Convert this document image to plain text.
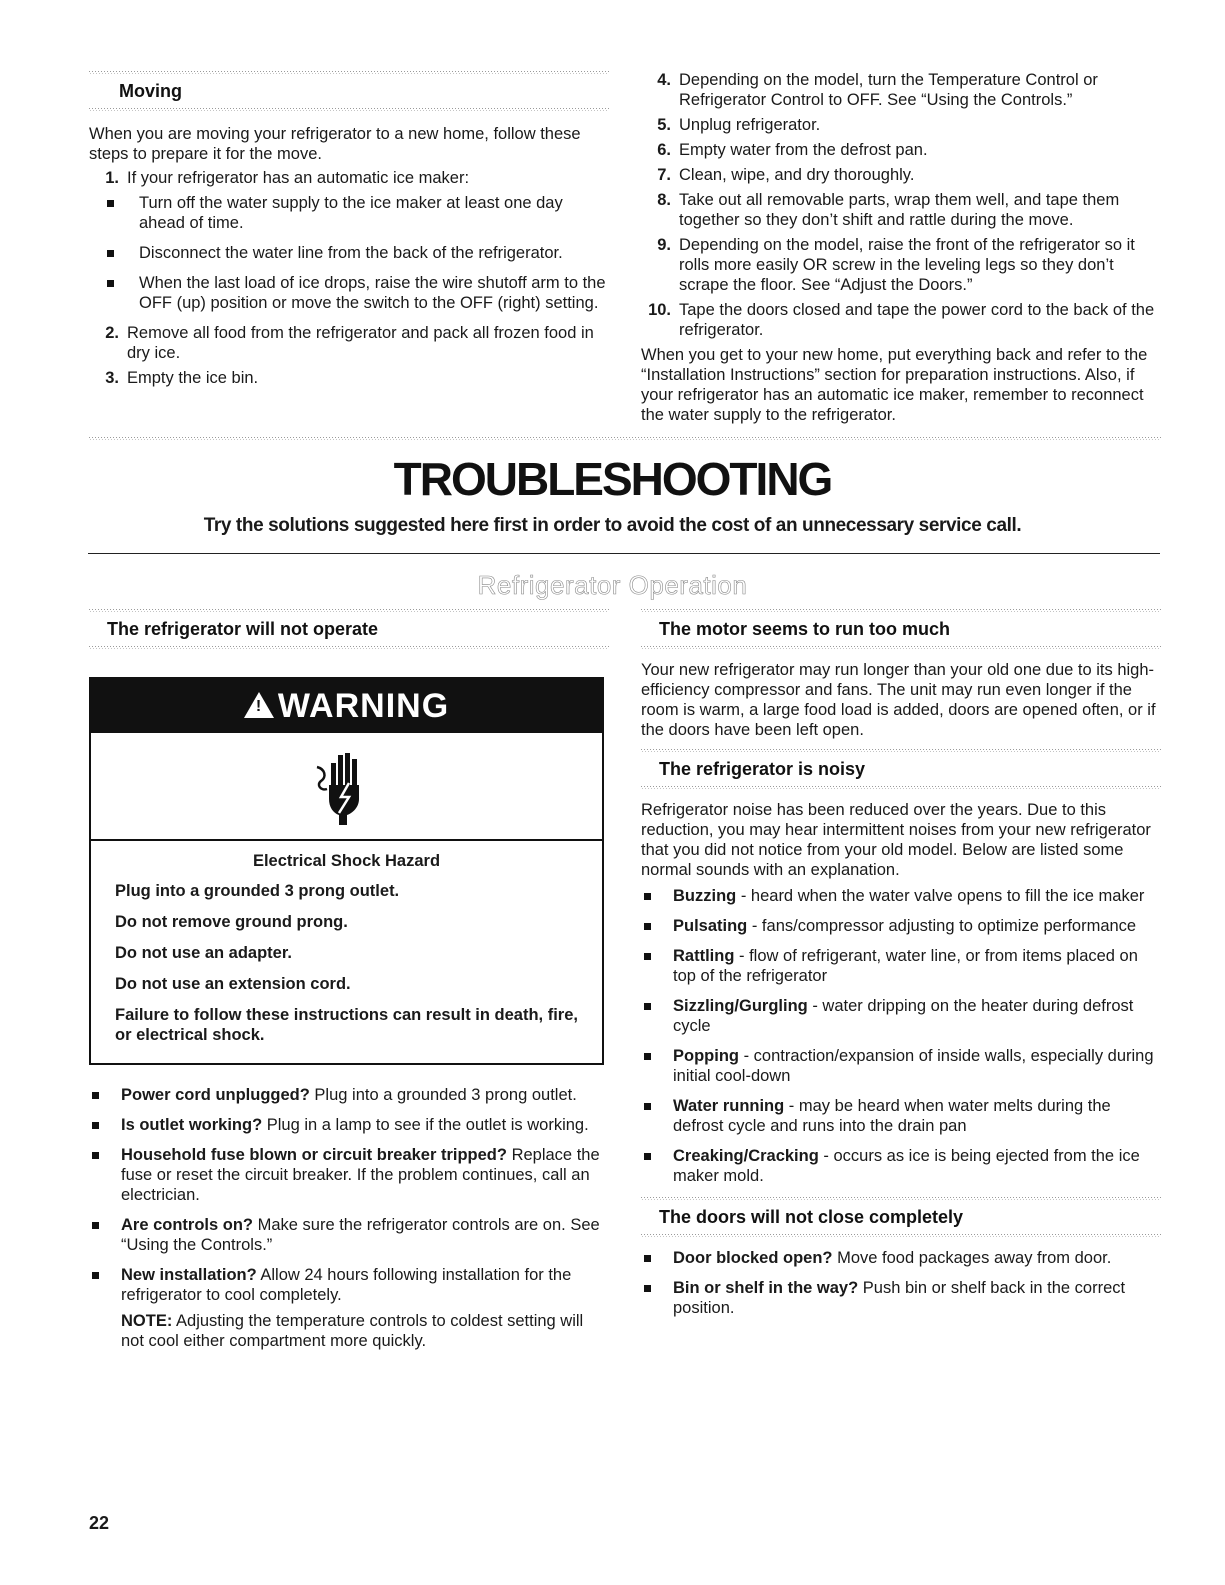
Moving

When you are moving your refrigerator to a new home, follow these steps to prepare it for the move.

1. If your refrigerator has an automatic ice maker:
Turn off the water supply to the ice maker at least one day ahead of time.
Disconnect the water line from the back of the refrigerator.
When the last load of ice drops, raise the wire shutoff arm to the OFF (up) position or move the switch to the OFF (right) setting.
2. Remove all food from the refrigerator and pack all frozen food in dry ice.
3. Empty the ice bin.
4. Depending on the model, turn the Temperature Control or Refrigerator Control to OFF. See “Using the Controls.”
5. Unplug refrigerator.
6. Empty water from the defrost pan.
7. Clean, wipe, and dry thoroughly.
8. Take out all removable parts, wrap them well, and tape them together so they don’t shift and rattle during the move.
9. Depending on the model, raise the front of the refrigerator so it rolls more easily OR screw in the leveling legs so they don’t scrape the floor. See “Adjust the Doors.”
10. Tape the doors closed and tape the power cord to the back of the refrigerator.

When you get to your new home, put everything back and refer to the “Installation Instructions” section for preparation instructions. Also, if your refrigerator has an automatic ice maker, remember to reconnect the water supply to the refrigerator.

TROUBLESHOOTING
Try the solutions suggested here first in order to avoid the cost of an unnecessary service call.
Refrigerator Operation
The refrigerator will not operate
! WARNING

Electrical Shock Hazard

Plug into a grounded 3 prong outlet.

Do not remove ground prong.

Do not use an adapter.

Do not use an extension cord.

Failure to follow these instructions can result in death, fire, or electrical shock.

Power cord unplugged? Plug into a grounded 3 prong outlet.
Is outlet working? Plug in a lamp to see if the outlet is working.
Household fuse blown or circuit breaker tripped? Replace the fuse or reset the circuit breaker. If the problem continues, call an electrician.
Are controls on? Make sure the refrigerator controls are on. See “Using the Controls.”
New installation? Allow 24 hours following installation for the refrigerator to cool completely.

NOTE: Adjusting the temperature controls to coldest setting will not cool either compartment more quickly.

The motor seems to run too much

Your new refrigerator may run longer than your old one due to its high-efficiency compressor and fans. The unit may run even longer if the room is warm, a large food load is added, doors are opened often, or if the doors have been left open.

The refrigerator is noisy

Refrigerator noise has been reduced over the years. Due to this reduction, you may hear intermittent noises from your new refrigerator that you did not notice from your old model. Below are listed some normal sounds with an explanation.

Buzzing - heard when the water valve opens to fill the ice maker
Pulsating - fans/compressor adjusting to optimize performance
Rattling - flow of refrigerant, water line, or from items placed on top of the refrigerator
Sizzling/Gurgling - water dripping on the heater during defrost cycle
Popping - contraction/expansion of inside walls, especially during initial cool-down
Water running - may be heard when water melts during the defrost cycle and runs into the drain pan
Creaking/Cracking - occurs as ice is being ejected from the ice maker mold.
The doors will not close completely
Door blocked open? Move food packages away from door.
Bin or shelf in the way? Push bin or shelf back in the correct position.
22
